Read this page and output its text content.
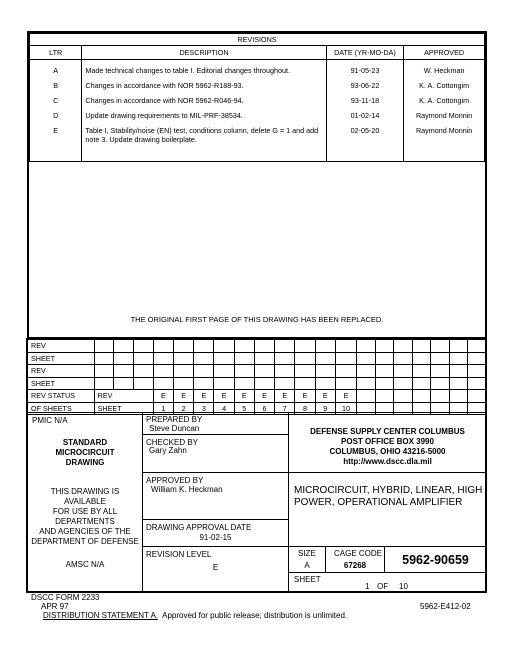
REVISIONS			
LTR	DESCRIPTION	DATE (YR-MO-DA)	APPROVED
A	Made technical changes to table I. Editorial changes throughout.	91-05-23	W. Heckman
B	Changes in accordance with NOR 5962-R188-93.	93-06-22	K. A. Cottongim
C	Changes in accordance with NOR 5962-R046-94.	93-11-18	K. A. Cottongim
D	Update drawing requirements to MIL-PRF-38534.	01-02-14	Raymond Monnin
E	Table I, Stability/noise (EN) test, conditions column, delete G = 1 and add note 3. Update drawing boilerplate.	02-05-20	Raymond Monnin

THE ORIGINAL FIRST PAGE OF THIS DRAWING HAS BEEN REPLACED.
REV																				
SHEET																				
REV																				
SHEET																				
REV STATUS	REV			E	E	E	E	E	E	E	E	E	E							
OF SHEETS	SHEET			1	2	3	4	5	6	7	8	9	10							
PMIC N/A
STANDARD
MICROCIRCUIT
DRAWING
THIS DRAWING IS
AVAILABLE
FOR USE BY ALL
DEPARTMENTS
AND AGENCIES OF THE
DEPARTMENT OF DEFENSE
AMSC N/A
PREPARED BY
Steve Duncan
CHECKED BY
Gary Zahn
APPROVED BY
William K. Heckman
DRAWING APPROVAL DATE
91-02-15
REVISION LEVEL
E
DEFENSE SUPPLY CENTER COLUMBUS
POST OFFICE BOX 3990
COLUMBUS, OHIO 43216-5000
http://www.dscc.dla.mil
MICROCIRCUIT, HYBRID, LINEAR, HIGH
POWER, OPERATIONAL AMPLIFIER
SIZE
A
CAGE CODE
67268	5962-90659
SHEET
1 OF 10
DSCC FORM 2233
APR 97
DISTRIBUTION STATEMENT A.  Approved for public release; distribution is unlimited.
5962-E412-02
